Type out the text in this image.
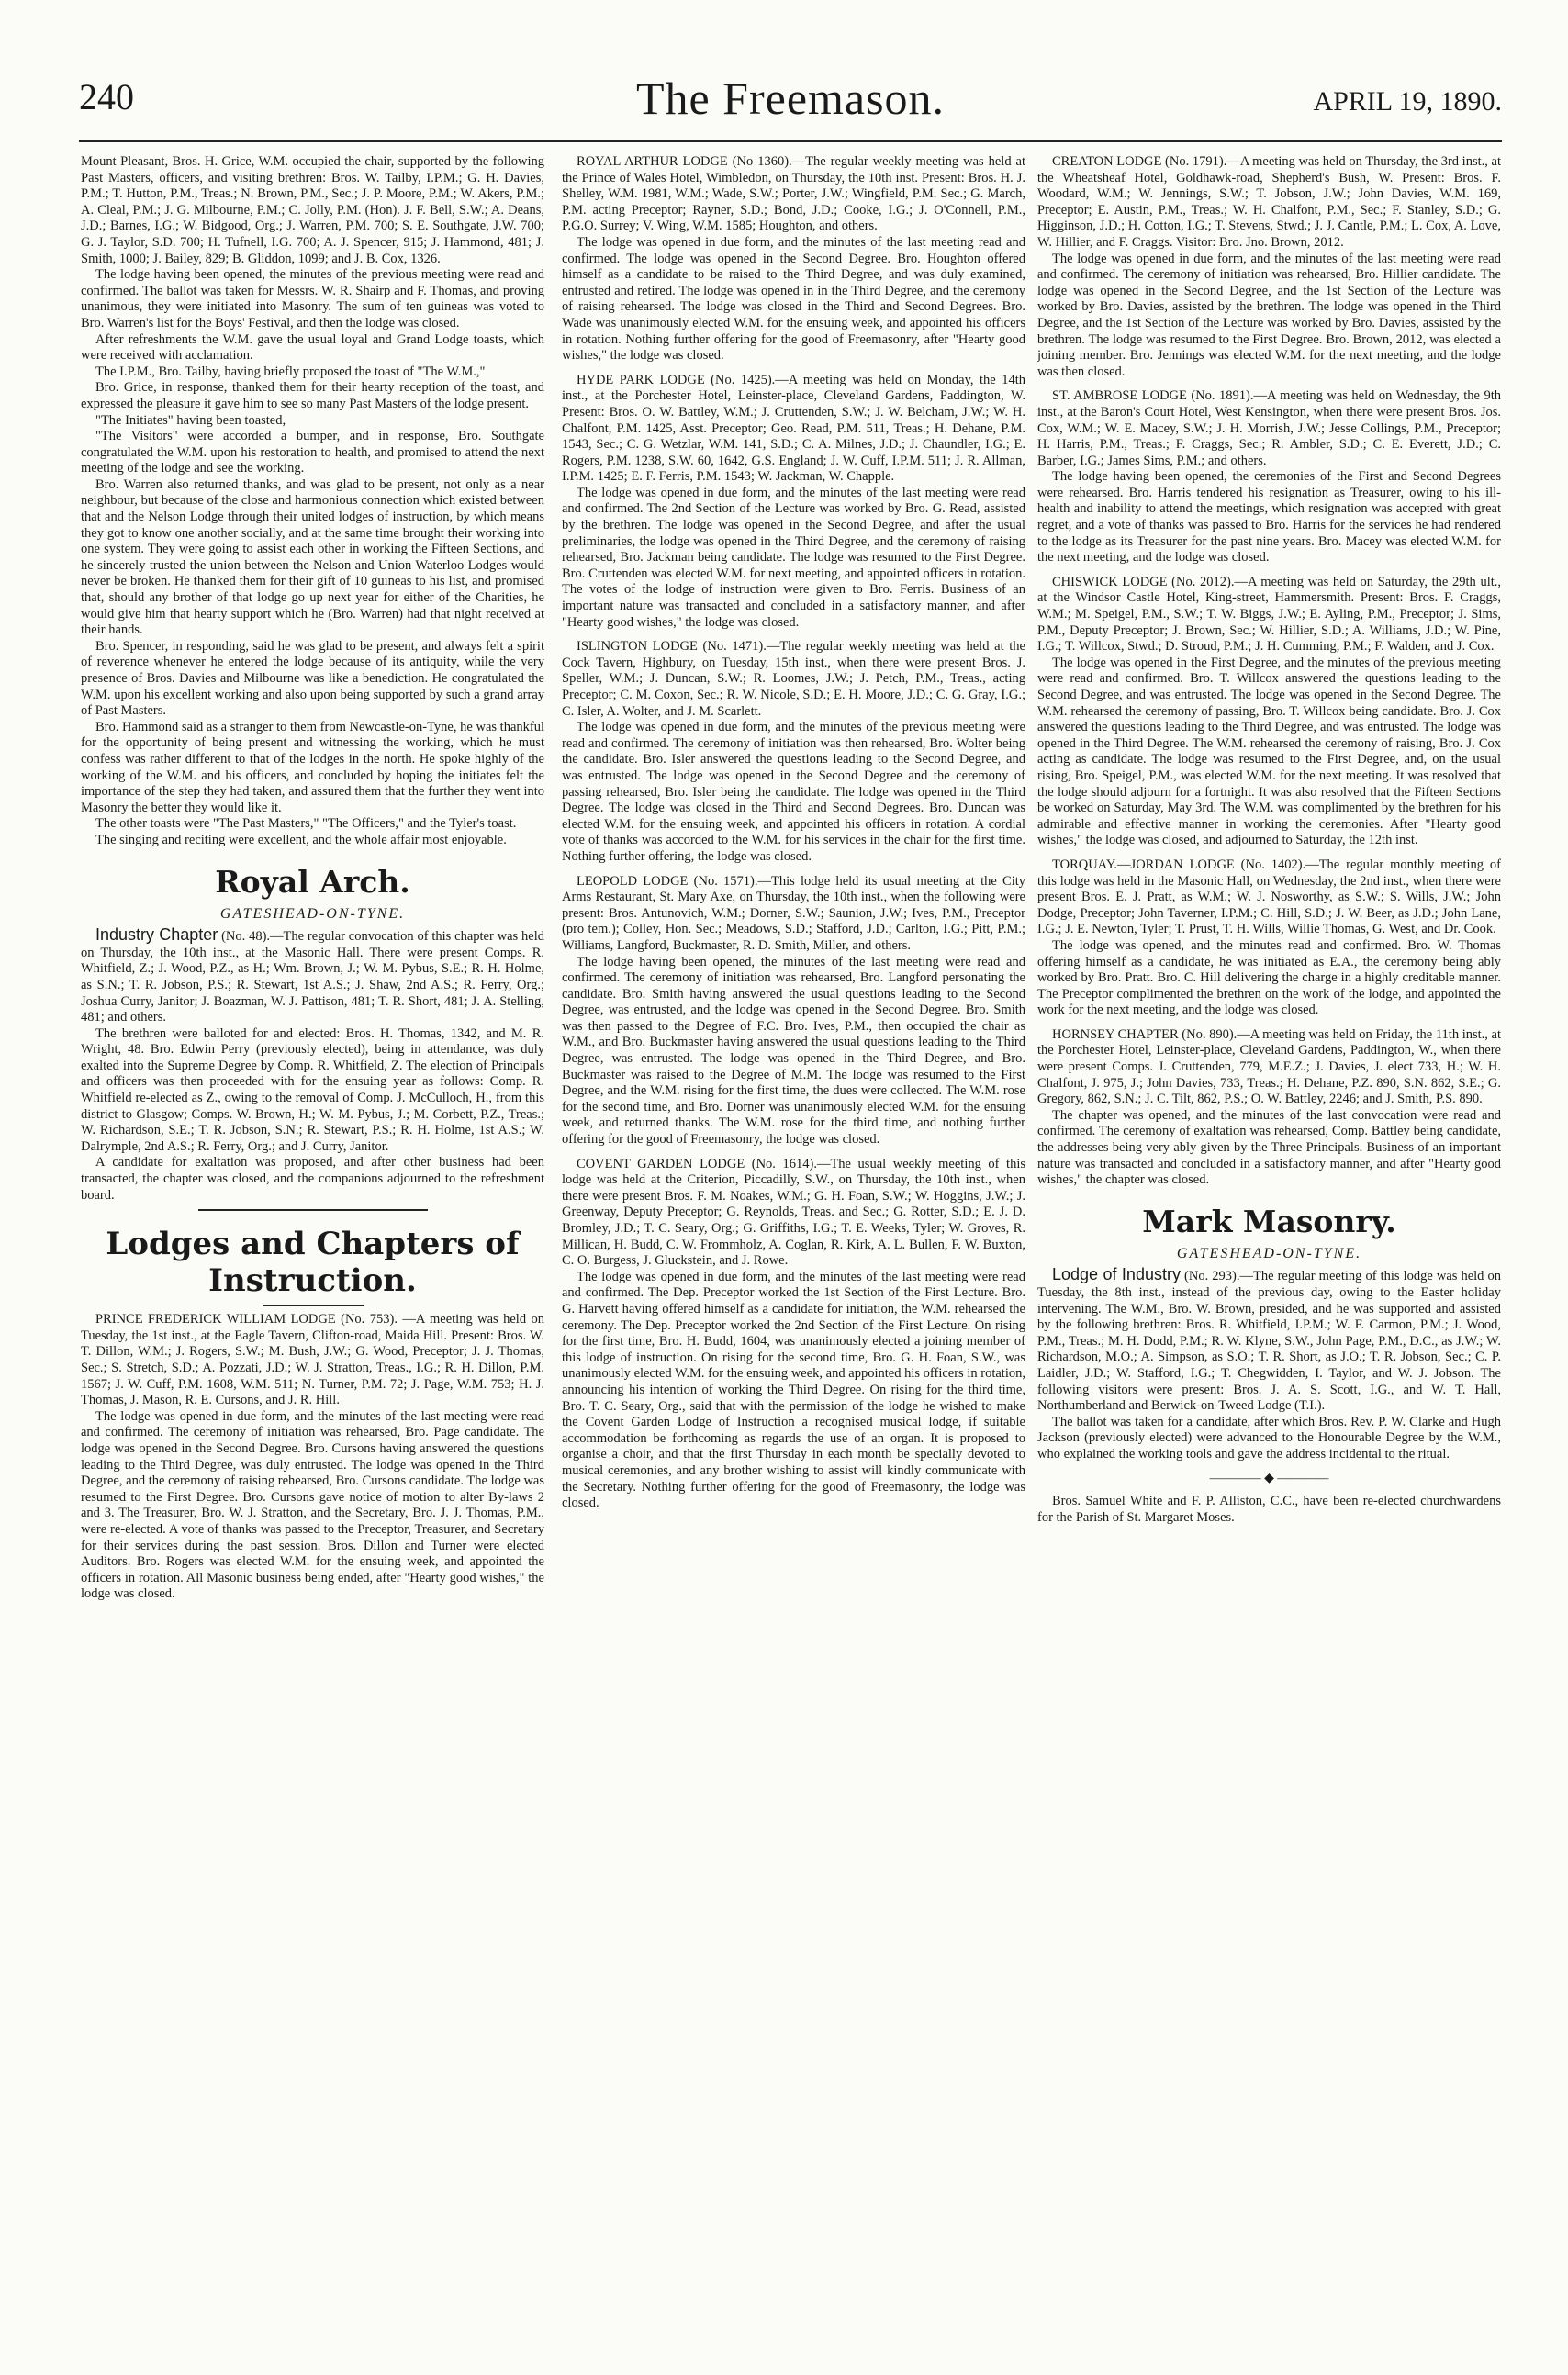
240	The Freemason.	APRIL 19, 1890.

Mount Pleasant, Bros. H. Grice, W.M. occupied the chair, supported by the following Past Masters, officers, and visiting brethren: Bros. W. Tailby, I.P.M.; G. H. Davies, P.M.; T. Hutton, P.M., Treas.; N. Brown, P.M., Sec.; J. P. Moore, P.M.; W. Akers, P.M.; A. Cleal, P.M.; J. G. Milbourne, P.M.; C. Jolly, P.M. (Hon). J. F. Bell, S.W.; A. Deans, J.D.; Barnes, I.G.; W. Bidgood, Org.; J. Warren, P.M. 700; S. E. Southgate, J.W. 700; G. J. Taylor, S.D. 700; H. Tufnell, I.G. 700; A. J. Spencer, 915; J. Hammond, 481; J. Smith, 1000; J. Bailey, 829; B. Gliddon, 1099; and J. B. Cox, 1326.

The lodge having been opened, the minutes of the previous meeting were read and confirmed. The ballot was taken for Messrs. W. R. Shairp and F. Thomas, and proving unanimous, they were initiated into Masonry. The sum of ten guineas was voted to Bro. Warren's list for the Boys' Festival, and then the lodge was closed.

After refreshments the W.M. gave the usual loyal and Grand Lodge toasts, which were received with acclamation.

The I.P.M., Bro. Tailby, having briefly proposed the toast of "The W.M.,"

Bro. Grice, in response, thanked them for their hearty reception of the toast, and expressed the pleasure it gave him to see so many Past Masters of the lodge present.

"The Initiates" having been toasted,

"The Visitors" were accorded a bumper, and in response, Bro. Southgate congratulated the W.M. upon his restoration to health, and promised to attend the next meeting of the lodge and see the working.

Bro. Warren also returned thanks, and was glad to be present, not only as a near neighbour, but because of the close and harmonious connection which existed between that and the Nelson Lodge through their united lodges of instruction, by which means they got to know one another socially, and at the same time brought their working into one system. They were going to assist each other in working the Fifteen Sections, and he sincerely trusted the union between the Nelson and Union Waterloo Lodges would never be broken. He thanked them for their gift of 10 guineas to his list, and promised that, should any brother of that lodge go up next year for either of the Charities, he would give him that hearty support which he (Bro. Warren) had that night received at their hands.

Bro. Spencer, in responding, said he was glad to be present, and always felt a spirit of reverence whenever he entered the lodge because of its antiquity, while the very presence of Bros. Davies and Milbourne was like a benediction. He congratulated the W.M. upon his excellent working and also upon being supported by such a grand array of Past Masters.

Bro. Hammond said as a stranger to them from Newcastle-on-Tyne, he was thankful for the opportunity of being present and witnessing the working, which he must confess was rather different to that of the lodges in the north. He spoke highly of the working of the W.M. and his officers, and concluded by hoping the initiates felt the importance of the step they had taken, and assured them that the further they went into Masonry the better they would like it.

The other toasts were "The Past Masters," "The Officers," and the Tyler's toast.

The singing and reciting were excellent, and the whole affair most enjoyable.

Royal Arch.
GATESHEAD-ON-TYNE.

Industry Chapter (No. 48).—The regular convocation of this chapter was held on Thursday, the 10th inst., at the Masonic Hall. There were present Comps. R. Whitfield, Z.; J. Wood, P.Z., as H.; Wm. Brown, J.; W. M. Pybus, S.E.; R. H. Holme, as S.N.; T. R. Jobson, P.S.; R. Stewart, 1st A.S.; J. Shaw, 2nd A.S.; R. Ferry, Org.; Joshua Curry, Janitor; J. Boazman, W. J. Pattison, 481; T. R. Short, 481; J. A. Stelling, 481; and others.

The brethren were balloted for and elected: Bros. H. Thomas, 1342, and M. R. Wright, 48. Bro. Edwin Perry (previously elected), being in attendance, was duly exalted into the Supreme Degree by Comp. R. Whitfield, Z. The election of Principals and officers was then proceeded with for the ensuing year as follows: Comp. R. Whitfield re-elected as Z., owing to the removal of Comp. J. McCulloch, H., from this district to Glasgow; Comps. W. Brown, H.; W. M. Pybus, J.; M. Corbett, P.Z., Treas.; W. Richardson, S.E.; T. R. Jobson, S.N.; R. Stewart, P.S.; R. H. Holme, 1st A.S.; W. Dalrymple, 2nd A.S.; R. Ferry, Org.; and J. Curry, Janitor.

A candidate for exaltation was proposed, and after other business had been transacted, the chapter was closed, and the companions adjourned to the refreshment board.

Lodges and Chapters of
Instruction.

PRINCE FREDERICK WILLIAM LODGE (No. 753). —A meeting was held on Tuesday, the 1st inst., at the Eagle Tavern, Clifton-road, Maida Hill. Present: Bros. W. T. Dillon, W.M.; J. Rogers, S.W.; M. Bush, J.W.; G. Wood, Preceptor; J. J. Thomas, Sec.; S. Stretch, S.D.; A. Pozzati, J.D.; W. J. Stratton, Treas., I.G.; R. H. Dillon, P.M. 1567; J. W. Cuff, P.M. 1608, W.M. 511; N. Turner, P.M. 72; J. Page, W.M. 753; H. J. Thomas, J. Mason, R. E. Cursons, and J. R. Hill.

The lodge was opened in due form, and the minutes of the last meeting were read and confirmed. The ceremony of initiation was rehearsed, Bro. Page candidate. The lodge was opened in the Second Degree. Bro. Cursons having answered the questions leading to the Third Degree, was duly entrusted. The lodge was opened in the Third Degree, and the ceremony of raising rehearsed, Bro. Cursons candidate. The lodge was resumed to the First Degree. Bro. Cursons gave notice of motion to alter By-laws 2 and 3. The Treasurer, Bro. W. J. Stratton, and the Secretary, Bro. J. J. Thomas, P.M., were re-elected. A vote of thanks was passed to the Preceptor, Treasurer, and Secretary for their services during the past session. Bros. Dillon and Turner were elected Auditors. Bro. Rogers was elected W.M. for the ensuing week, and appointed the officers in rotation. All Masonic business being ended, after "Hearty good wishes," the lodge was closed.

ROYAL ARTHUR LODGE (No 1360).—The regular weekly meeting was held at the Prince of Wales Hotel, Wimbledon, on Thursday, the 10th inst. Present: Bros. H. J. Shelley, W.M. 1981, W.M.; Wade, S.W.; Porter, J.W.; Wingfield, P.M. Sec.; G. March, P.M. acting Preceptor; Rayner, S.D.; Bond, J.D.; Cooke, I.G.; J. O'Connell, P.M., P.G.O. Surrey; V. Wing, W.M. 1585; Houghton, and others.

The lodge was opened in due form, and the minutes of the last meeting read and confirmed. The lodge was opened in the Second Degree. Bro. Houghton offered himself as a candidate to be raised to the Third Degree, and was duly examined, entrusted and retired. The lodge was opened in in the Third Degree, and the ceremony of raising rehearsed. The lodge was closed in the Third and Second Degrees. Bro. Wade was unanimously elected W.M. for the ensuing week, and appointed his officers in rotation. Nothing further offering for the good of Freemasonry, after "Hearty good wishes," the lodge was closed.

HYDE PARK LODGE (No. 1425).—A meeting was held on Monday, the 14th inst., at the Porchester Hotel, Leinster-place, Cleveland Gardens, Paddington, W. Present: Bros. O. W. Battley, W.M.; J. Cruttenden, S.W.; J. W. Belcham, J.W.; W. H. Chalfont, P.M. 1425, Asst. Preceptor; Geo. Read, P.M. 511, Treas.; H. Dehane, P.M. 1543, Sec.; C. G. Wetzlar, W.M. 141, S.D.; C. A. Milnes, J.D.; J. Chaundler, I.G.; E. Rogers, P.M. 1238, S.W. 60, 1642, G.S. England; J. W. Cuff, I.P.M. 511; J. R. Allman, I.P.M. 1425; E. F. Ferris, P.M. 1543; W. Jackman, W. Chapple.

The lodge was opened in due form, and the minutes of the last meeting were read and confirmed. The 2nd Section of the Lecture was worked by Bro. G. Read, assisted by the brethren. The lodge was opened in the Second Degree, and after the usual preliminaries, the lodge was opened in the Third Degree, and the ceremony of raising rehearsed, Bro. Jackman being candidate. The lodge was resumed to the First Degree. Bro. Cruttenden was elected W.M. for next meeting, and appointed officers in rotation. The votes of the lodge of instruction were given to Bro. Ferris. Business of an important nature was transacted and concluded in a satisfactory manner, and after "Hearty good wishes," the lodge was closed.

ISLINGTON LODGE (No. 1471).—The regular weekly meeting was held at the Cock Tavern, Highbury, on Tuesday, 15th inst., when there were present Bros. J. Speller, W.M.; J. Duncan, S.W.; R. Loomes, J.W.; J. Petch, P.M., Treas., acting Preceptor; C. M. Coxon, Sec.; R. W. Nicole, S.D.; E. H. Moore, J.D.; C. G. Gray, I.G.; C. Isler, A. Wolter, and J. M. Scarlett.

The lodge was opened in due form, and the minutes of the previous meeting were read and confirmed. The ceremony of initiation was then rehearsed, Bro. Wolter being the candidate. Bro. Isler answered the questions leading to the Second Degree, and was entrusted. The lodge was opened in the Second Degree and the ceremony of passing rehearsed, Bro. Isler being the candidate. The lodge was opened in the Third Degree. The lodge was closed in the Third and Second Degrees. Bro. Duncan was elected W.M. for the ensuing week, and appointed his officers in rotation. A cordial vote of thanks was accorded to the W.M. for his services in the chair for the first time. Nothing further offering, the lodge was closed.

LEOPOLD LODGE (No. 1571).—This lodge held its usual meeting at the City Arms Restaurant, St. Mary Axe, on Thursday, the 10th inst., when the following were present: Bros. Antunovich, W.M.; Dorner, S.W.; Saunion, J.W.; Ives, P.M., Preceptor (pro tem.); Colley, Hon. Sec.; Meadows, S.D.; Stafford, J.D.; Carlton, I.G.; Pitt, P.M.; Williams, Langford, Buckmaster, R. D. Smith, Miller, and others.

The lodge having been opened, the minutes of the last meeting were read and confirmed. The ceremony of initiation was rehearsed, Bro. Langford personating the candidate. Bro. Smith having answered the usual questions leading to the Second Degree, was entrusted, and the lodge was opened in the Second Degree. Bro. Smith was then passed to the Degree of F.C. Bro. Ives, P.M., then occupied the chair as W.M., and Bro. Buckmaster having answered the usual questions leading to the Third Degree, was entrusted. The lodge was opened in the Third Degree, and Bro. Buckmaster was raised to the Degree of M.M. The lodge was resumed to the First Degree, and the W.M. rising for the first time, the dues were collected. The W.M. rose for the second time, and Bro. Dorner was unanimously elected W.M. for the ensuing week, and returned thanks. The W.M. rose for the third time, and nothing further offering for the good of Freemasonry, the lodge was closed.

COVENT GARDEN LODGE (No. 1614).—The usual weekly meeting of this lodge was held at the Criterion, Piccadilly, S.W., on Thursday, the 10th inst., when there were present Bros. F. M. Noakes, W.M.; G. H. Foan, S.W.; W. Hoggins, J.W.; J. Greenway, Deputy Preceptor; G. Reynolds, Treas. and Sec.; G. Rotter, S.D.; E. J. D. Bromley, J.D.; T. C. Seary, Org.; G. Griffiths, I.G.; T. E. Weeks, Tyler; W. Groves, R. Millican, H. Budd, C. W. Frommholz, A. Coglan, R. Kirk, A. L. Bullen, F. W. Buxton, C. O. Burgess, J. Gluckstein, and J. Rowe.

The lodge was opened in due form, and the minutes of the last meeting were read and confirmed. The Dep. Preceptor worked the 1st Section of the First Lecture. Bro. G. Harvett having offered himself as a candidate for initiation, the W.M. rehearsed the ceremony. The Dep. Preceptor worked the 2nd Section of the First Lecture. On rising for the first time, Bro. H. Budd, 1604, was unanimously elected a joining member of this lodge of instruction. On rising for the second time, Bro. G. H. Foan, S.W., was unanimously elected W.M. for the ensuing week, and appointed his officers in rotation, announcing his intention of working the Third Degree. On rising for the third time, Bro. T. C. Seary, Org., said that with the permission of the lodge he wished to make the Covent Garden Lodge of Instruction a recognised musical lodge, if suitable accommodation be forthcoming as regards the use of an organ. It is proposed to organise a choir, and that the first Thursday in each month be specially devoted to musical ceremonies, and any brother wishing to assist will kindly communicate with the Secretary. Nothing further offering for the good of Freemasonry, the lodge was closed.

CREATON LODGE (No. 1791).—A meeting was held on Thursday, the 3rd inst., at the Wheatsheaf Hotel, Goldhawk-road, Shepherd's Bush, W. Present: Bros. F. Woodard, W.M.; W. Jennings, S.W.; T. Jobson, J.W.; John Davies, W.M. 169, Preceptor; E. Austin, P.M., Treas.; W. H. Chalfont, P.M., Sec.; F. Stanley, S.D.; G. Higginson, J.D.; H. Cotton, I.G.; T. Stevens, Stwd.; J. J. Cantle, P.M.; L. Cox, A. Love, W. Hillier, and F. Craggs. Visitor: Bro. Jno. Brown, 2012.

The lodge was opened in due form, and the minutes of the last meeting were read and confirmed. The ceremony of initiation was rehearsed, Bro. Hillier candidate. The lodge was opened in the Second Degree, and the 1st Section of the Lecture was worked by Bro. Davies, assisted by the brethren. The lodge was opened in the Third Degree, and the 1st Section of the Lecture was worked by Bro. Davies, assisted by the brethren. The lodge was resumed to the First Degree. Bro. Brown, 2012, was elected a joining member. Bro. Jennings was elected W.M. for the next meeting, and the lodge was then closed.

ST. AMBROSE LODGE (No. 1891).—A meeting was held on Wednesday, the 9th inst., at the Baron's Court Hotel, West Kensington, when there were present Bros. Jos. Cox, W.M.; W. E. Macey, S.W.; J. H. Morrish, J.W.; Jesse Collings, P.M., Preceptor; H. Harris, P.M., Treas.; F. Craggs, Sec.; R. Ambler, S.D.; C. E. Everett, J.D.; C. Barber, I.G.; James Sims, P.M.; and others.

The lodge having been opened, the ceremonies of the First and Second Degrees were rehearsed. Bro. Harris tendered his resignation as Treasurer, owing to his ill-health and inability to attend the meetings, which resignation was accepted with great regret, and a vote of thanks was passed to Bro. Harris for the services he had rendered to the lodge as its Treasurer for the past nine years. Bro. Macey was elected W.M. for the next meeting, and the lodge was closed.

CHISWICK LODGE (No. 2012).—A meeting was held on Saturday, the 29th ult., at the Windsor Castle Hotel, King-street, Hammersmith. Present: Bros. F. Craggs, W.M.; M. Speigel, P.M., S.W.; T. W. Biggs, J.W.; E. Ayling, P.M., Preceptor; J. Sims, P.M., Deputy Preceptor; J. Brown, Sec.; W. Hillier, S.D.; A. Williams, J.D.; W. Pine, I.G.; T. Willcox, Stwd.; D. Stroud, P.M.; J. H. Cumming, P.M.; F. Walden, and J. Cox.

The lodge was opened in the First Degree, and the minutes of the previous meeting were read and confirmed. Bro. T. Willcox answered the questions leading to the Second Degree, and was entrusted. The lodge was opened in the Second Degree. The W.M. rehearsed the ceremony of passing, Bro. T. Willcox being candidate. Bro. J. Cox answered the questions leading to the Third Degree, and was entrusted. The lodge was opened in the Third Degree. The W.M. rehearsed the ceremony of raising, Bro. J. Cox acting as candidate. The lodge was resumed to the First Degree, and, on the usual rising, Bro. Speigel, P.M., was elected W.M. for the next meeting. It was resolved that the lodge should adjourn for a fortnight. It was also resolved that the Fifteen Sections be worked on Saturday, May 3rd. The W.M. was complimented by the brethren for his admirable and effective manner in working the ceremonies. After "Hearty good wishes," the lodge was closed, and adjourned to Saturday, the 12th inst.

TORQUAY.—JORDAN LODGE (No. 1402).—The regular monthly meeting of this lodge was held in the Masonic Hall, on Wednesday, the 2nd inst., when there were present Bros. E. J. Pratt, as W.M.; W. J. Nosworthy, as S.W.; S. Wills, J.W.; John Dodge, Preceptor; John Taverner, I.P.M.; C. Hill, S.D.; J. W. Beer, as J.D.; John Lane, I.G.; J. E. Newton, Tyler; T. Prust, T. H. Wills, Willie Thomas, G. West, and Dr. Cook.

The lodge was opened, and the minutes read and confirmed. Bro. W. Thomas offering himself as a candidate, he was initiated as E.A., the ceremony being ably worked by Bro. Pratt. Bro. C. Hill delivering the charge in a highly creditable manner. The Preceptor complimented the brethren on the work of the lodge, and appointed the work for the next meeting, and the lodge was closed.

HORNSEY CHAPTER (No. 890).—A meeting was held on Friday, the 11th inst., at the Porchester Hotel, Leinster-place, Cleveland Gardens, Paddington, W., when there were present Comps. J. Cruttenden, 779, M.E.Z.; J. Davies, J. elect 733, H.; W. H. Chalfont, J. 975, J.; John Davies, 733, Treas.; H. Dehane, P.Z. 890, S.N. 862, S.E.; G. Gregory, 862, S.N.; J. C. Tilt, 862, P.S.; O. W. Battley, 2246; and J. Smith, P.S. 890.

The chapter was opened, and the minutes of the last convocation were read and confirmed. The ceremony of exaltation was rehearsed, Comp. Battley being candidate, the addresses being very ably given by the Three Principals. Business of an important nature was transacted and concluded in a satisfactory manner, and after "Hearty good wishes," the chapter was closed.

Mark Masonry.
GATESHEAD-ON-TYNE.

Lodge of Industry (No. 293).—The regular meeting of this lodge was held on Tuesday, the 8th inst., instead of the previous day, owing to the Easter holiday intervening. The W.M., Bro. W. Brown, presided, and he was supported and assisted by the following brethren: Bros. R. Whitfield, I.P.M.; W. F. Carmon, P.M.; J. Wood, P.M., Treas.; M. H. Dodd, P.M.; R. W. Klyne, S.W., John Page, P.M., D.C., as J.W.; W. Richardson, M.O.; A. Simpson, as S.O.; T. R. Short, as J.O.; T. R. Jobson, Sec.; C. P. Laidler, J.D.; W. Stafford, I.G.; T. Chegwidden, I. Taylor, and W. J. Jobson. The following visitors were present: Bros. J. A. S. Scott, I.G., and W. T. Hall, Northumberland and Berwick-on-Tweed Lodge (T.I.).

The ballot was taken for a candidate, after which Bros. Rev. P. W. Clarke and Hugh Jackson (previously elected) were advanced to the Honourable Degree by the W.M., who explained the working tools and gave the address incidental to the ritual.

———— ◆ ————

Bros. Samuel White and F. P. Alliston, C.C., have been re-elected churchwardens for the Parish of St. Margaret Moses.
